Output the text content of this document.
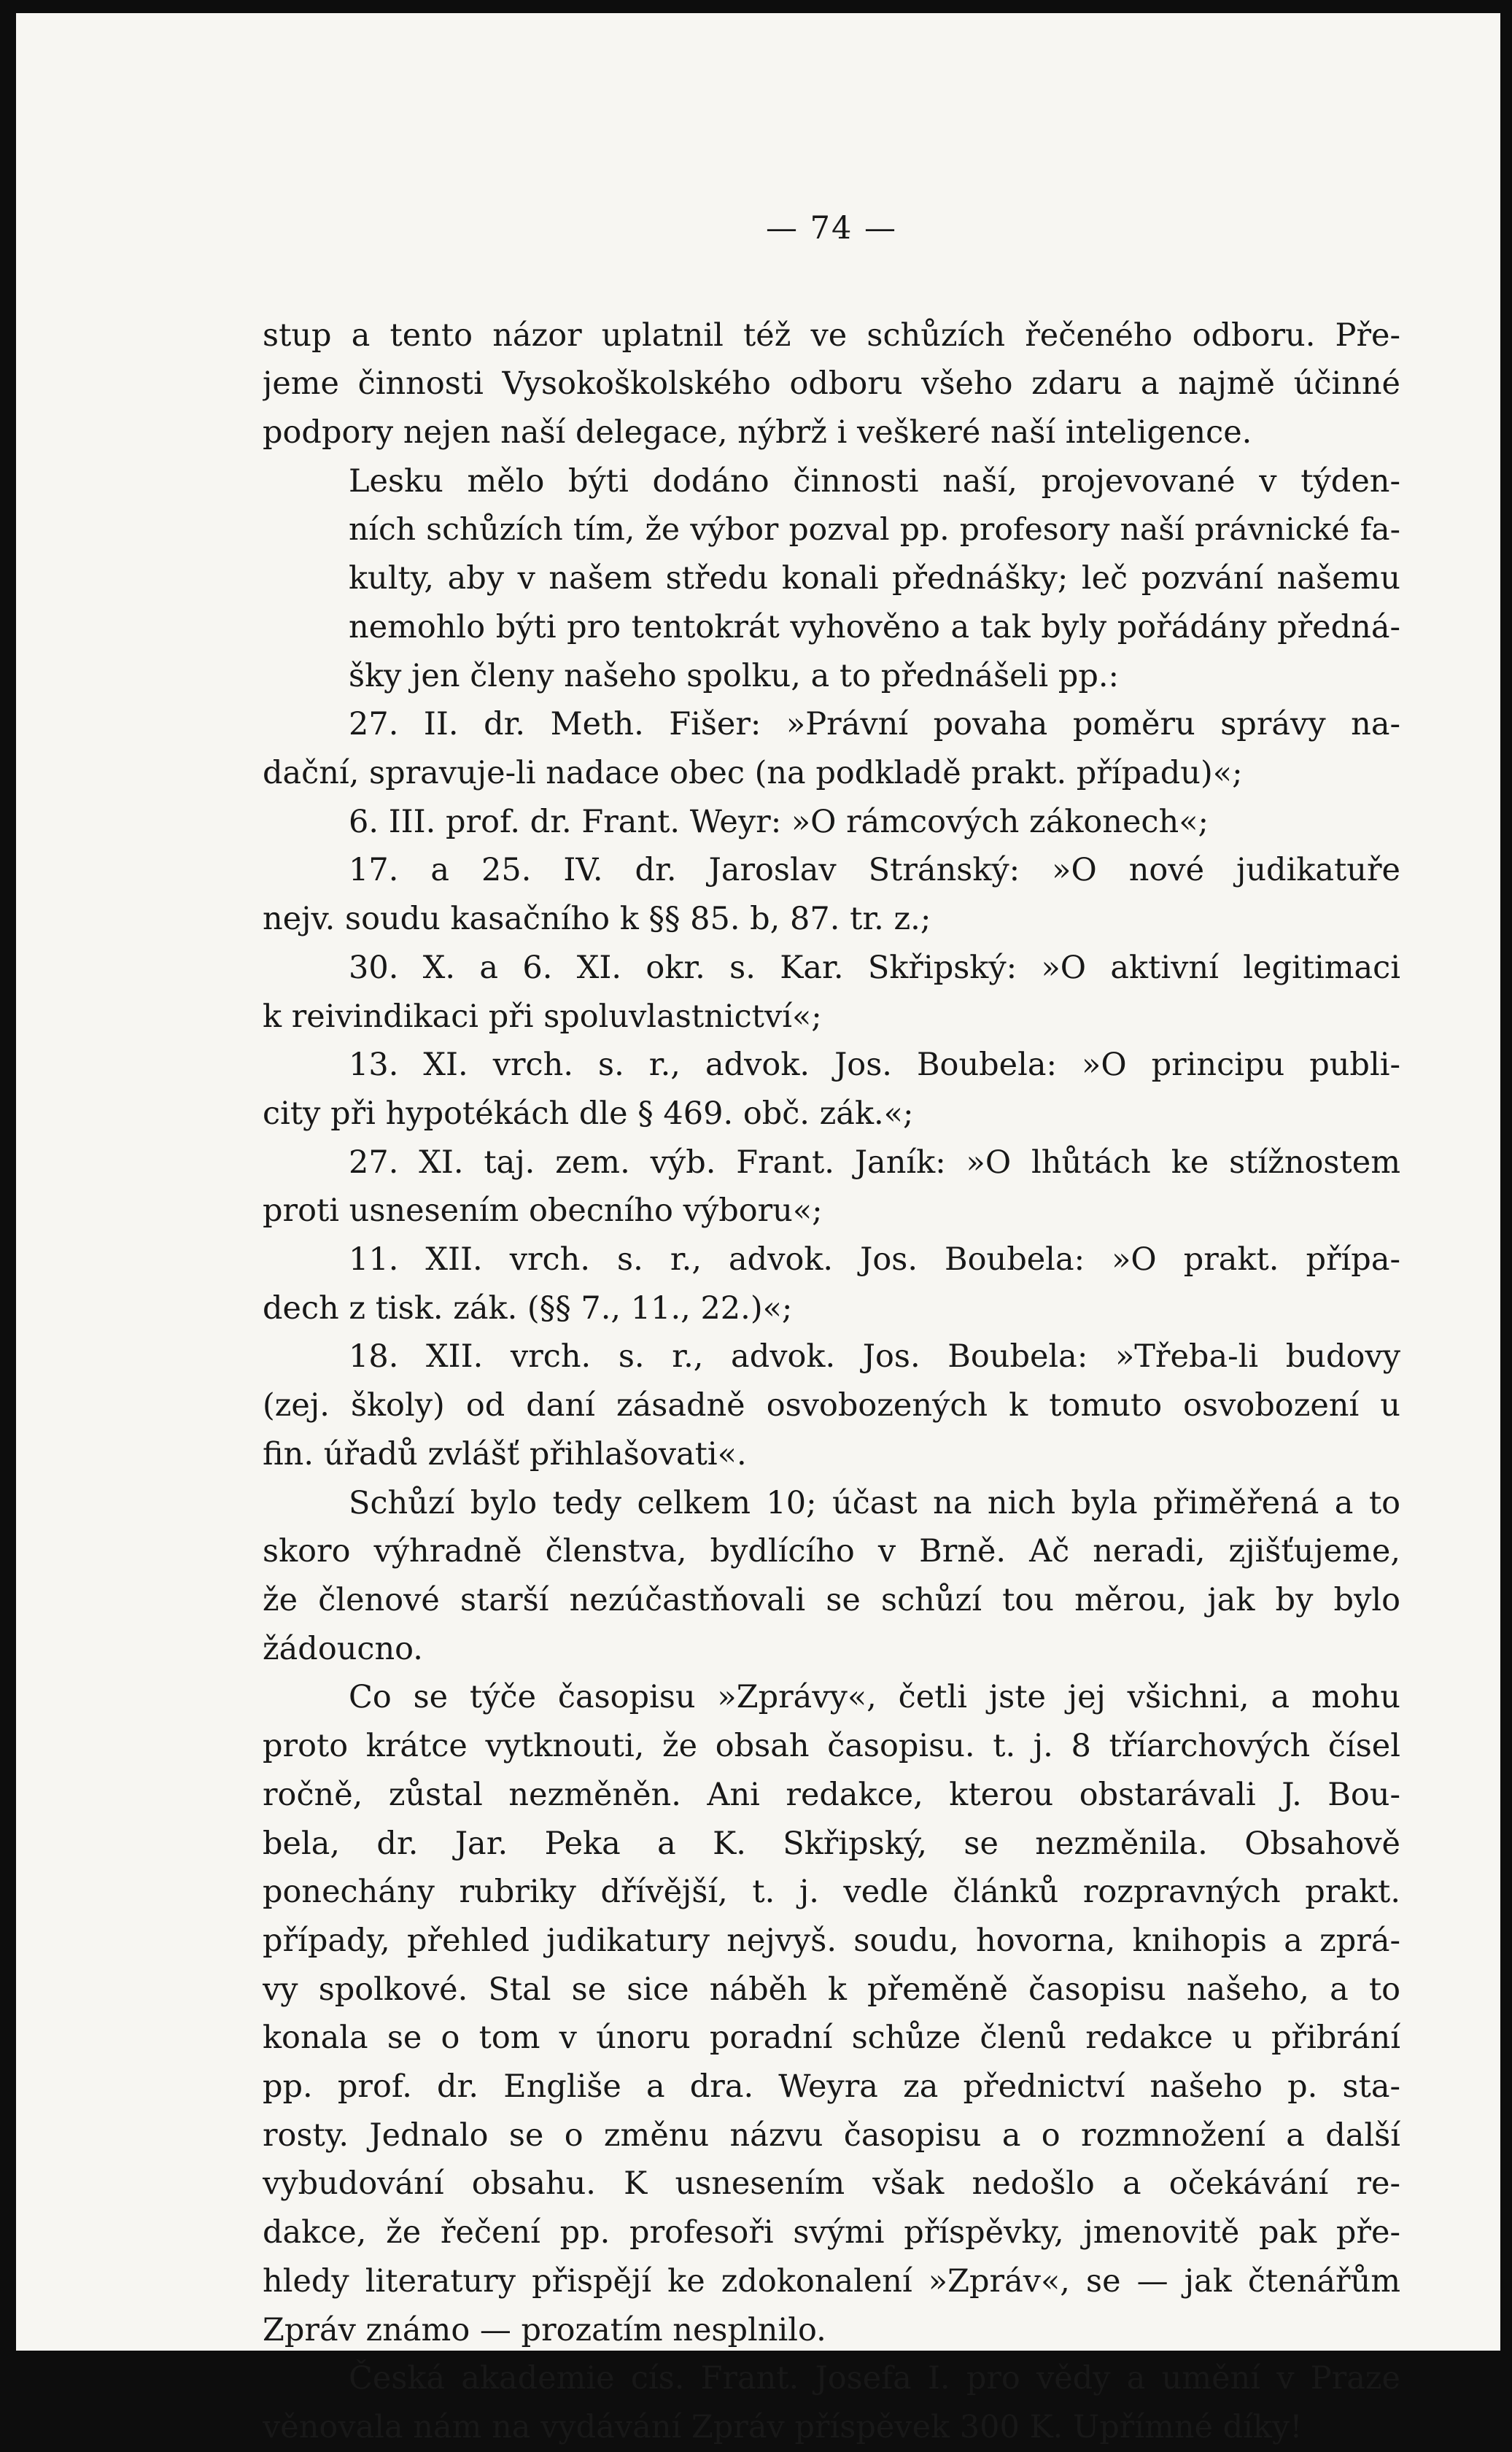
— 74 —

stup a tento názor uplatnil též ve schůzích řečeného odboru. Pře-
jeme činnosti Vysokoškolského odboru všeho zdaru a najmě účinné
podpory nejen naší delegace, nýbrž i veškeré naší inteligence.

Lesku mělo býti dodáno činnosti naší, projevované v týden-
ních schůzích tím, že výbor pozval pp. profesory naší právnické fa-
kulty, aby v našem středu konali přednášky; leč pozvání našemu
nemohlo býti pro tentokrát vyhověno a tak byly pořádány předná-
šky jen členy našeho spolku, a to přednášeli pp.:

27. II. dr. Meth. Fišer: »Právní povaha poměru správy na-
dační, spravuje-li nadace obec (na podkladě prakt. případu)«;

6. III. prof. dr. Frant. Weyr: »O rámcových zákonech«;

17. a 25. IV. dr. Jaroslav Stránský: »O nové judikatuře
nejv. soudu kasačního k §§ 85. b, 87. tr. z.;

30. X. a 6. XI. okr. s. Kar. Skřipský: »O aktivní legitimaci
k reivindikaci při spoluvlastnictví«;

13. XI. vrch. s. r., advok. Jos. Boubela: »O principu publi-
city při hypotékách dle § 469. obč. zák.«;

27. XI. taj. zem. výb. Frant. Janík: »O lhůtách ke stížnostem
proti usnesením obecního výboru«;

11. XII. vrch. s. r., advok. Jos. Boubela: »O prakt. přípa-
dech z tisk. zák. (§§ 7., 11., 22.)«;

18. XII. vrch. s. r., advok. Jos. Boubela: »Třeba-li budovy
(zej. školy) od daní zásadně osvobozených k tomuto osvobození u
fin. úřadů zvlášť přihlašovati«.

Schůzí bylo tedy celkem 10; účast na nich byla přiměřená a to
skoro výhradně členstva, bydlícího v Brně. Ač neradi, zjišťujeme,
že členové starší nezúčastňovali se schůzí tou měrou, jak by bylo
žádoucno.

Co se týče časopisu »Zprávy«, četli jste jej všichni, a mohu
proto krátce vytknouti, že obsah časopisu. t. j. 8 tříarchových čísel
ročně, zůstal nezměněn. Ani redakce, kterou obstarávali J. Bou-
bela, dr. Jar. Peka a K. Skřipský, se nezměnila. Obsahově
ponechány rubriky dřívější, t. j. vedle článků rozpravných prakt.
případy, přehled judikatury nejvyš. soudu, hovorna, knihopis a zprá-
vy spolkové. Stal se sice náběh k přeměně časopisu našeho, a to
konala se o tom v únoru poradní schůze členů redakce u přibrání
pp. prof. dr. Engliše a dra. Weyra za přednictví našeho p. sta-
rosty. Jednalo se o změnu názvu časopisu a o rozmnožení a další
vybudování obsahu. K usnesením však nedošlo a očekávání re-
dakce, že řečení pp. profesoři svými příspěvky, jmenovitě pak pře-
hledy literatury přispějí ke zdokonalení »Zpráv«, se — jak čtenářům
Zpráv známo — prozatím nesplnilo.

Česká akademie cís. Frant. Josefa I. pro vědy a umění v Praze
věnovala nám na vydávání Zpráv příspěvek 300 K. Upřímné díky!
